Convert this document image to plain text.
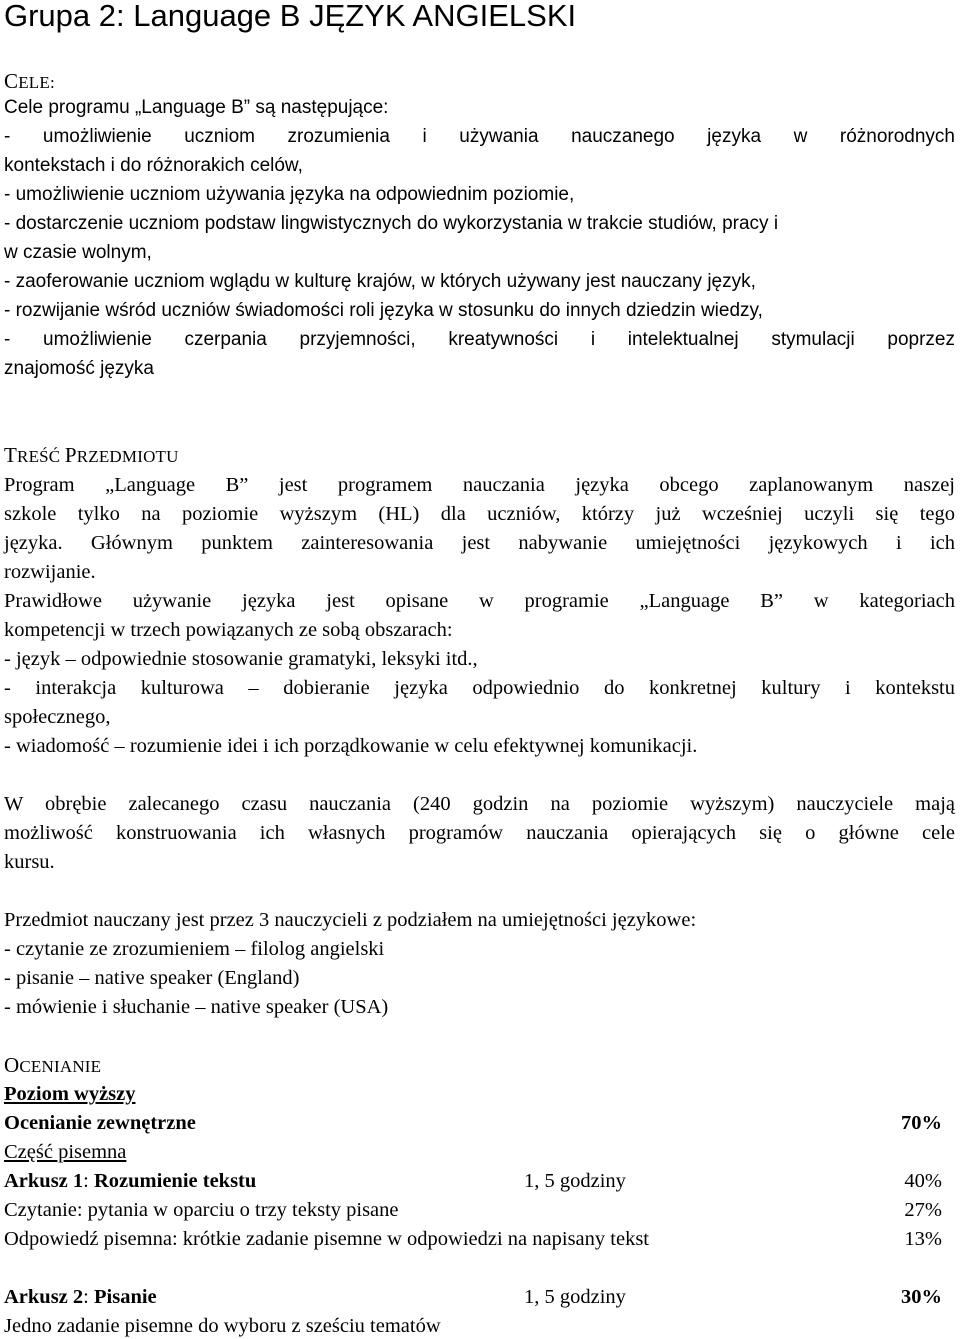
Grupa 2: Language B JĘZYK ANGIELSKI
CELE:
Cele programu „Language B” są następujące:
- umożliwienie uczniom zrozumienia i używania nauczanego języka w różnorodnych
kontekstach i do różnorakich celów,
- umożliwienie uczniom używania języka na odpowiednim poziomie,
- dostarczenie uczniom podstaw lingwistycznych do wykorzystania w trakcie studiów, pracy i
w czasie wolnym,
- zaoferowanie uczniom wglądu w kulturę krajów, w których używany jest nauczany język,
- rozwijanie wśród uczniów świadomości roli języka w stosunku do innych dziedzin wiedzy,
- umożliwienie czerpania przyjemności, kreatywności i intelektualnej stymulacji poprzez
znajomość języka
TREŚĆ PRZEDMIOTU
Program „Language B” jest programem nauczania języka obcego zaplanowanym naszej
szkole tylko na poziomie wyższym (HL) dla uczniów, którzy już wcześniej uczyli się tego
języka. Głównym punktem zainteresowania jest nabywanie umiejętności językowych i ich
rozwijanie.
Prawidłowe używanie języka jest opisane w programie „Language B” w kategoriach
kompetencji w trzech powiązanych ze sobą obszarach:
- język – odpowiednie stosowanie gramatyki, leksyki itd.,
- interakcja kulturowa – dobieranie języka odpowiednio do konkretnej kultury i kontekstu
społecznego,
- wiadomość – rozumienie idei i ich porządkowanie w celu efektywnej komunikacji.
W obrębie zalecanego czasu nauczania (240 godzin na poziomie wyższym) nauczyciele mają
możliwość konstruowania ich własnych programów nauczania opierających się o główne cele
kursu.
Przedmiot nauczany jest przez 3 nauczycieli z podziałem na umiejętności językowe:
- czytanie ze zrozumieniem – filolog angielski
- pisanie – native speaker (England)
- mówienie i słuchanie – native speaker (USA)
OCENIANIE
Poziom wyższy
Ocenianie zewnętrzne	70%
Część pisemna
Arkusz 1: Rozumienie tekstu	1, 5 godziny	40%
Czytanie: pytania w oparciu o trzy teksty pisane	27%
Odpowiedź pisemna: krótkie zadanie pisemne w odpowiedzi na napisany tekst	13%
Arkusz 2: Pisanie	1, 5 godziny	30%
Jedno zadanie pisemne do wyboru z sześciu tematów
